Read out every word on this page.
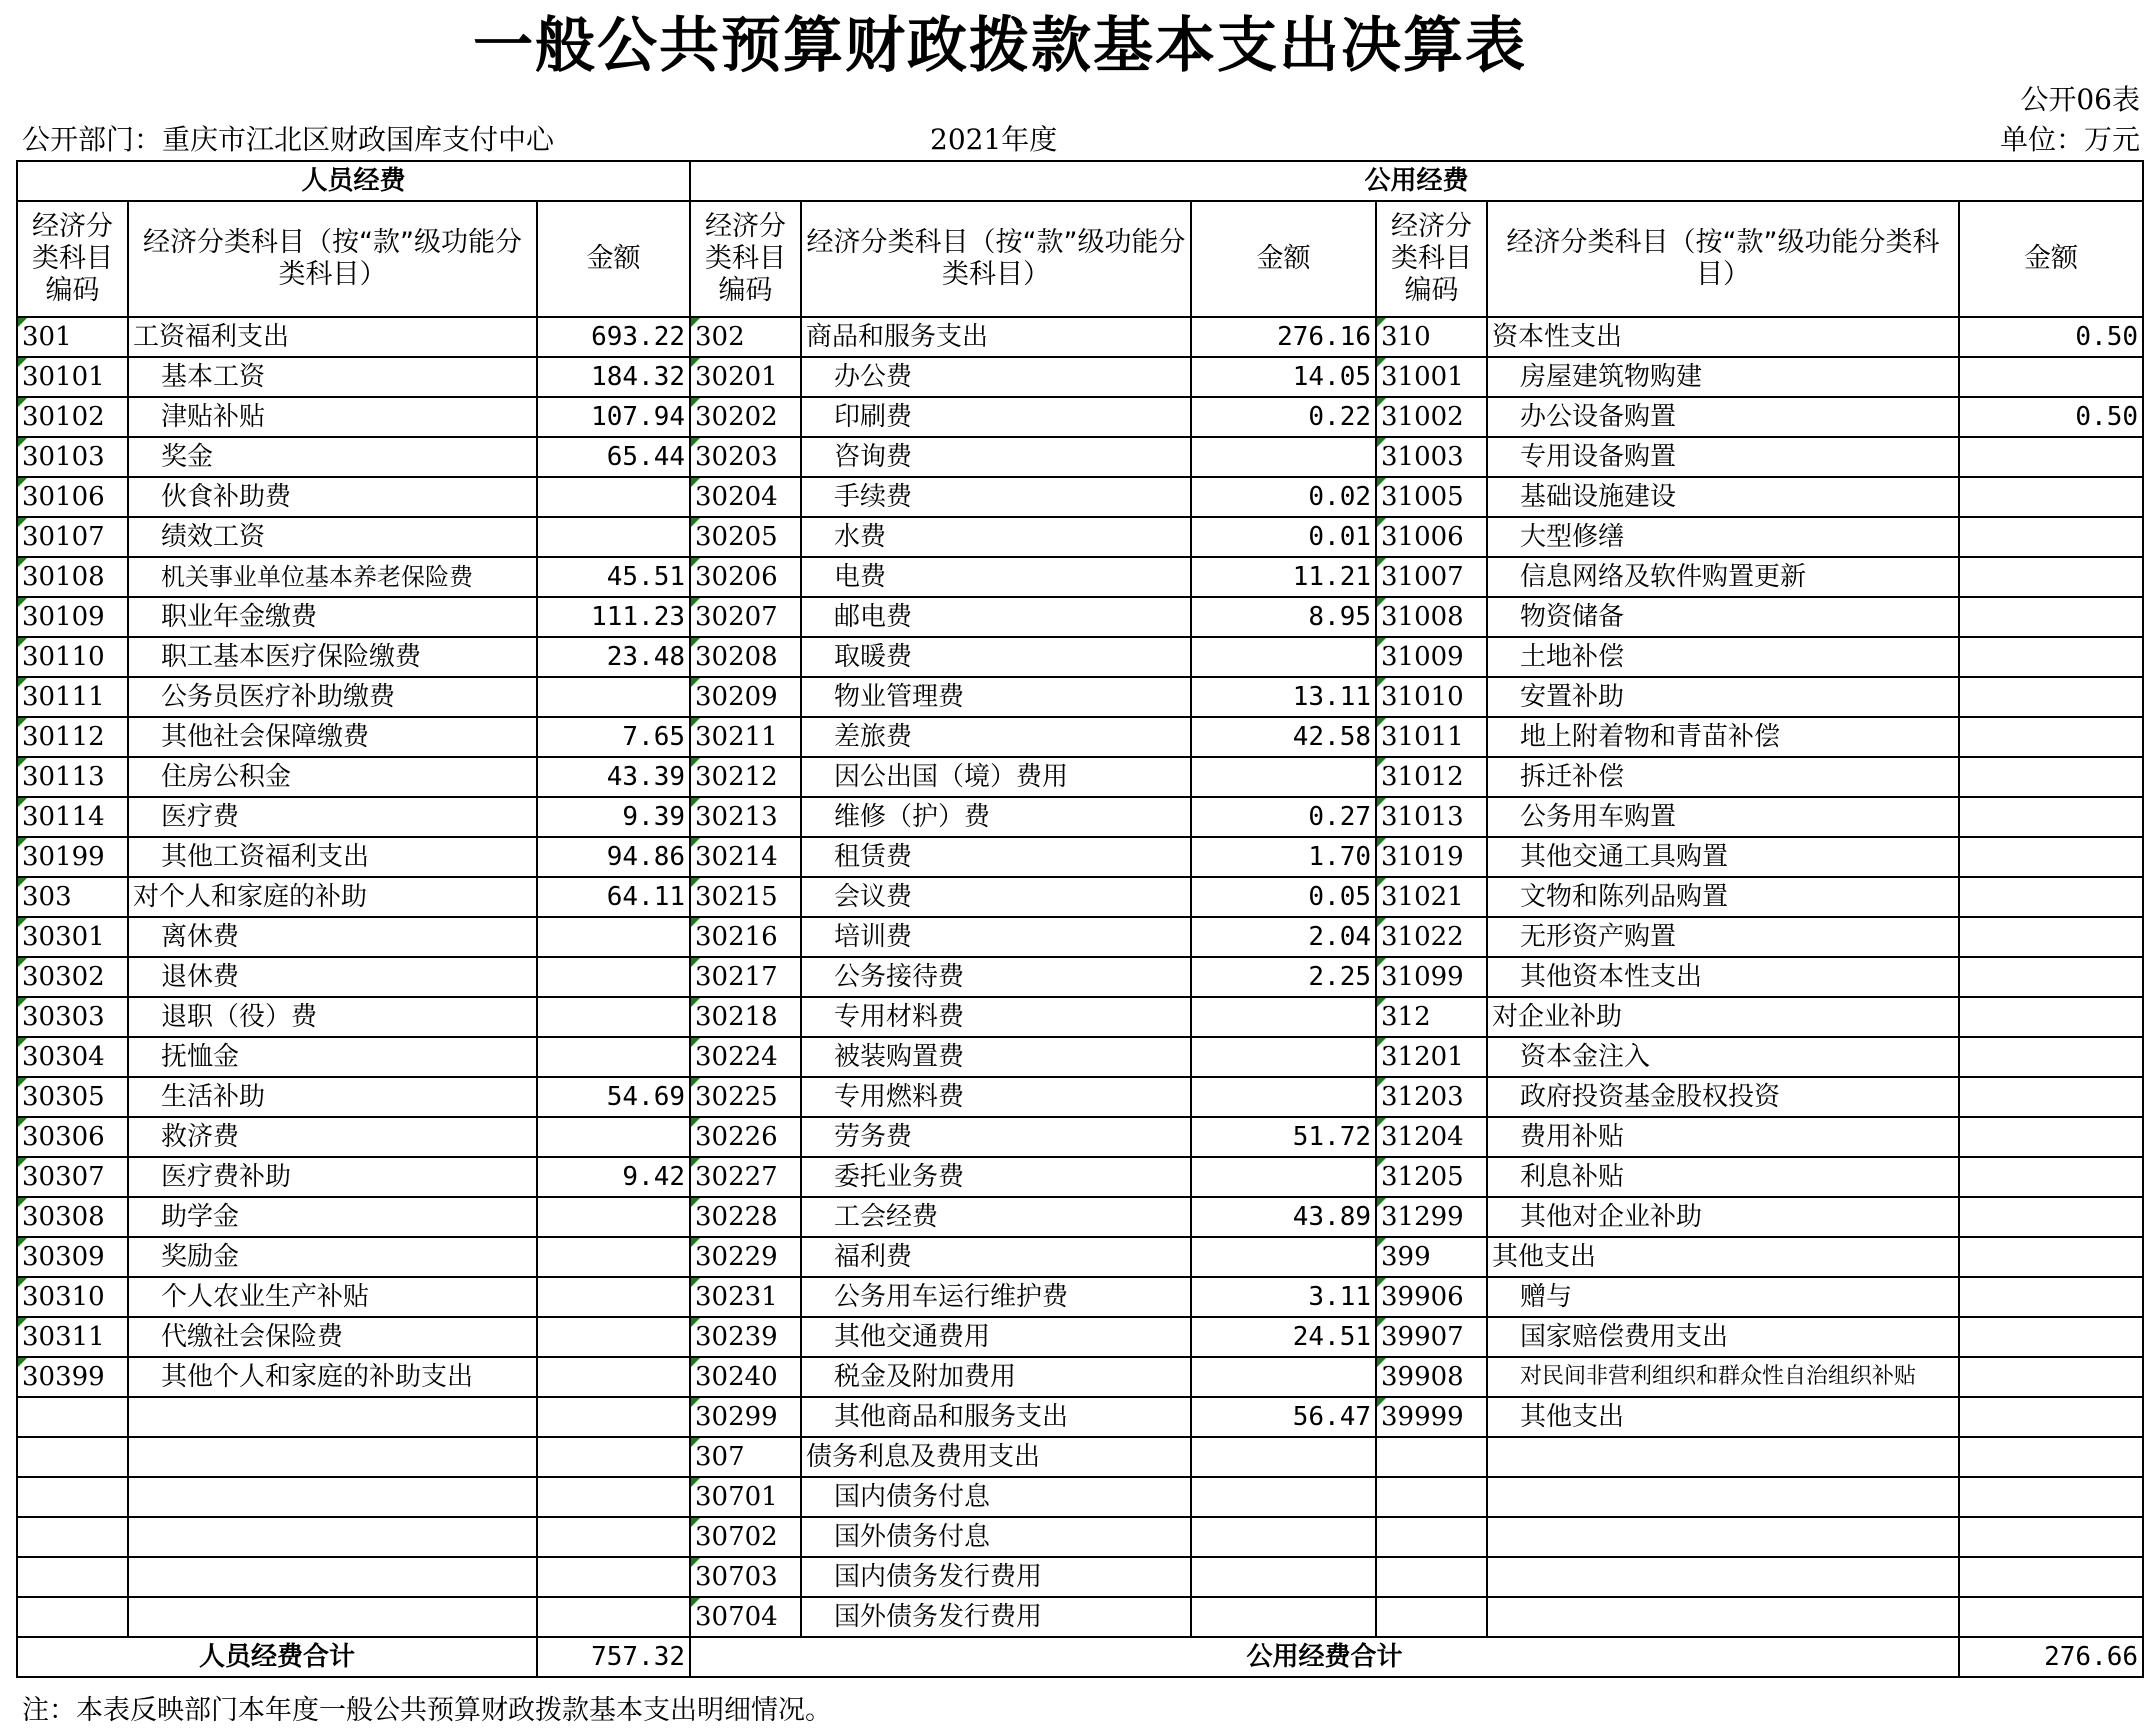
一般公共预算财政拨款基本支出决算表
公开06表
公开部门：重庆市江北区财政国库支付中心	2021年度	单位：万元
人员经费			公用经费					
经济分类科目编码	经济分类科目（按“款”级功能分类科目）	金额	经济分类科目编码	经济分类科目（按“款”级功能分类科目）	金额	经济分类科目编码	经济分类科目（按“款”级功能分类科目）	金额
301	工资福利支出	693.22	302	商品和服务支出	276.16	310	资本性支出	0.50
30101	基本工资	184.32	30201	办公费	14.05	31001	房屋建筑物购建	
30102	津贴补贴	107.94	30202	印刷费	0.22	31002	办公设备购置	0.50
30103	奖金	65.44	30203	咨询费		31003	专用设备购置	
30106	伙食补助费		30204	手续费	0.02	31005	基础设施建设	
30107	绩效工资		30205	水费	0.01	31006	大型修缮	
30108	机关事业单位基本养老保险费	45.51	30206	电费	11.21	31007	信息网络及软件购置更新	
30109	职业年金缴费	111.23	30207	邮电费	8.95	31008	物资储备	
30110	职工基本医疗保险缴费	23.48	30208	取暖费		31009	土地补偿	
30111	公务员医疗补助缴费		30209	物业管理费	13.11	31010	安置补助	
30112	其他社会保障缴费	7.65	30211	差旅费	42.58	31011	地上附着物和青苗补偿	
30113	住房公积金	43.39	30212	因公出国（境）费用		31012	拆迁补偿	
30114	医疗费	9.39	30213	维修（护）费	0.27	31013	公务用车购置	
30199	其他工资福利支出	94.86	30214	租赁费	1.70	31019	其他交通工具购置	
303	对个人和家庭的补助	64.11	30215	会议费	0.05	31021	文物和陈列品购置	
30301	离休费		30216	培训费	2.04	31022	无形资产购置	
30302	退休费		30217	公务接待费	2.25	31099	其他资本性支出	
30303	退职（役）费		30218	专用材料费		312	对企业补助	
30304	抚恤金		30224	被装购置费		31201	资本金注入	
30305	生活补助	54.69	30225	专用燃料费		31203	政府投资基金股权投资	
30306	救济费		30226	劳务费	51.72	31204	费用补贴	
30307	医疗费补助	9.42	30227	委托业务费		31205	利息补贴	
30308	助学金		30228	工会经费	43.89	31299	其他对企业补助	
30309	奖励金		30229	福利费		399	其他支出	
30310	个人农业生产补贴		30231	公务用车运行维护费	3.11	39906	赠与	
30311	代缴社会保险费		30239	其他交通费用	24.51	39907	国家赔偿费用支出	
30399	其他个人和家庭的补助支出		30240	税金及附加费用		39908	对民间非营利组织和群众性自治组织补贴	
			30299	其他商品和服务支出	56.47	39999	其他支出	
			307	债务利息及费用支出				
			30701	国内债务付息				
			30702	国外债务付息				
			30703	国内债务发行费用				
			30704	国外债务发行费用				
人员经费合计		757.32	公用经费合计					276.66
注：本表反映部门本年度一般公共预算财政拨款基本支出明细情况。
